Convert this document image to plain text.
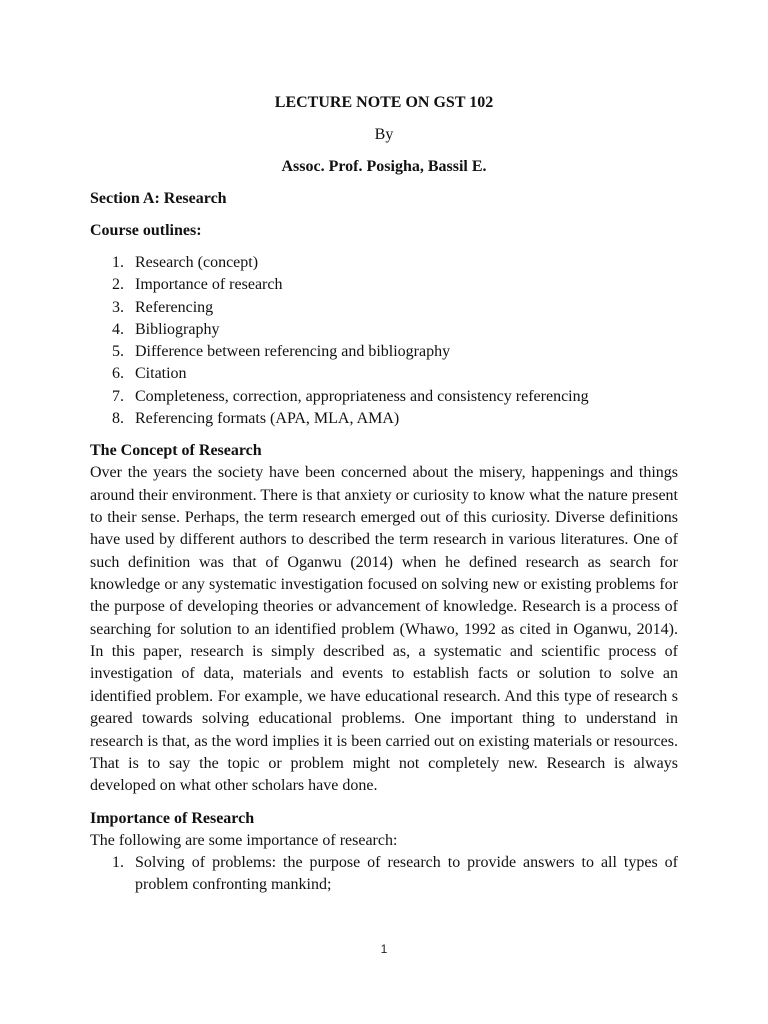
LECTURE NOTE ON GST 102
By
Assoc. Prof. Posigha, Bassil E.
Section A: Research
Course outlines:
1. Research (concept)
2. Importance of research
3. Referencing
4. Bibliography
5. Difference between referencing and bibliography
6. Citation
7. Completeness, correction, appropriateness and consistency referencing
8. Referencing formats (APA, MLA, AMA)
The Concept of Research

Over the years the society have been concerned about the misery, happenings and things around their environment. There is that anxiety or curiosity to know what the nature present to their sense. Perhaps, the term research emerged out of this curiosity. Diverse definitions have used by different authors to described the term research in various literatures. One of such definition was that of Oganwu (2014) when he defined research as search for knowledge or any systematic investigation focused on solving new or existing problems for the purpose of developing theories or advancement of knowledge. Research is a process of searching for solution to an identified problem (Whawo, 1992 as cited in Oganwu, 2014). In this paper, research is simply described as, a systematic and scientific process of investigation of data, materials and events to establish facts or solution to solve an identified problem. For example, we have educational research. And this type of research s geared towards solving educational problems. One important thing to understand in research is that, as the word implies it is been carried out on existing materials or resources. That is to say the topic or problem might not completely new. Research is always developed on what other scholars have done.

Importance of Research
The following are some importance of research:
1. Solving of problems: the purpose of research to provide answers to all types of problem confronting mankind;
1
